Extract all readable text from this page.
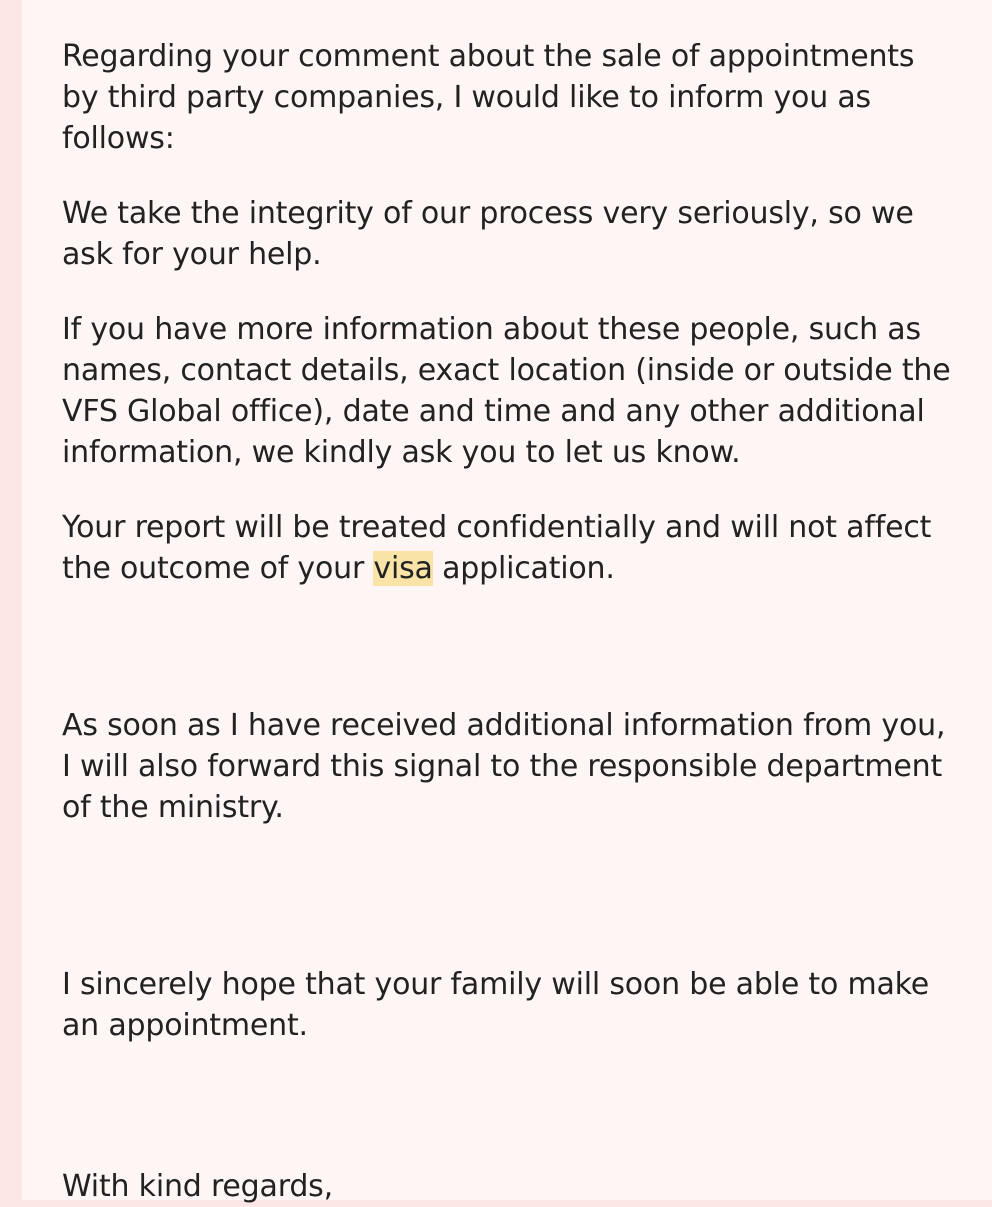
Regarding your comment about the sale of appointments by third party companies, I would like to inform you as follows:

We take the integrity of our process very seriously, so we ask for your help.

If you have more information about these people, such as names, contact details, exact location (inside or outside the VFS Global office), date and time and any other additional information, we kindly ask you to let us know.

Your report will be treated confidentially and will not affect the outcome of your visa application.

As soon as I have received additional information from you, I will also forward this signal to the responsible department of the ministry.

I sincerely hope that your family will soon be able to make an appointment.

With kind regards,
